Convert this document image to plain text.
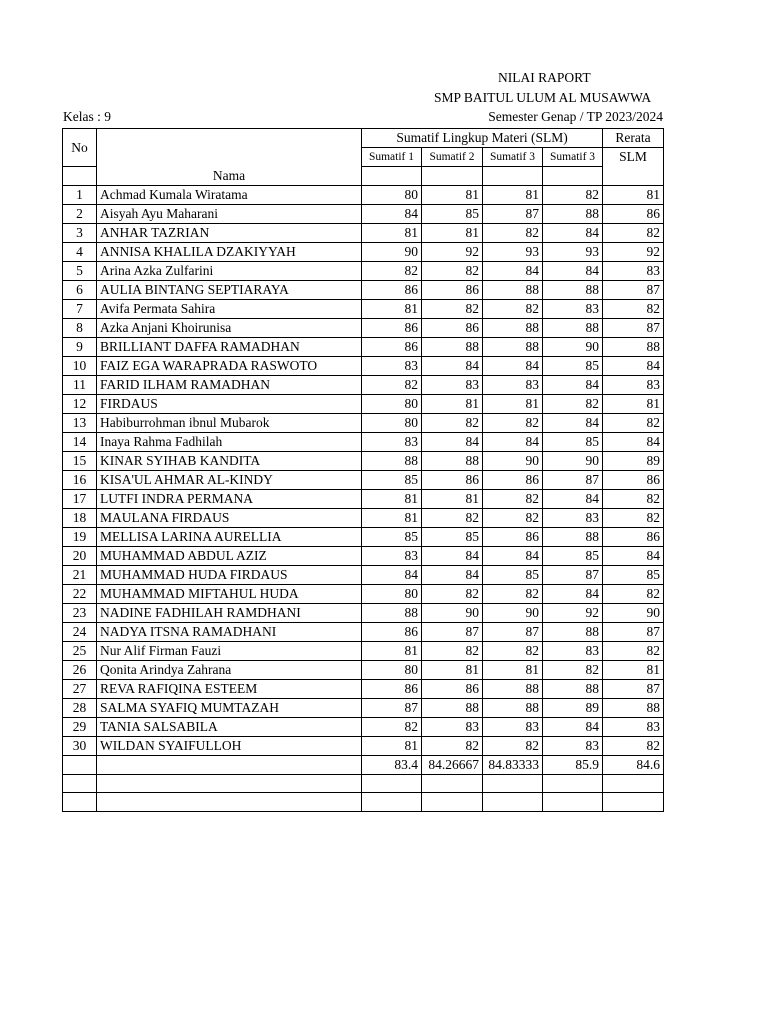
NILAI RAPORT
SMP BAITUL ULUM AL MUSAWWA
Kelas : 9	Semester Genap / TP 2023/2024
No		Sumatif Lingkup Materi (SLM)				Rerata
		Sumatif 1	Sumatif 2	Sumatif 3	Sumatif 3	SLM
	Nama					
1	Achmad Kumala Wiratama	80	81	81	82	81
2	Aisyah Ayu Maharani	84	85	87	88	86
3	ANHAR TAZRIAN	81	81	82	84	82
4	ANNISA KHALILA DZAKIYYAH	90	92	93	93	92
5	Arina Azka Zulfarini	82	82	84	84	83
6	AULIA BINTANG SEPTIARAYA	86	86	88	88	87
7	Avifa Permata Sahira	81	82	82	83	82
8	Azka Anjani Khoirunisa	86	86	88	88	87
9	BRILLIANT DAFFA RAMADHAN	86	88	88	90	88
10	FAIZ EGA WARAPRADA RASWOTO	83	84	84	85	84
11	FARID ILHAM RAMADHAN	82	83	83	84	83
12	FIRDAUS	80	81	81	82	81
13	Habiburrohman ibnul Mubarok	80	82	82	84	82
14	Inaya Rahma Fadhilah	83	84	84	85	84
15	KINAR SYIHAB KANDITA	88	88	90	90	89
16	KISA'UL AHMAR AL-KINDY	85	86	86	87	86
17	LUTFI INDRA PERMANA	81	81	82	84	82
18	MAULANA FIRDAUS	81	82	82	83	82
19	MELLISA LARINA AURELLIA	85	85	86	88	86
20	MUHAMMAD ABDUL AZIZ	83	84	84	85	84
21	MUHAMMAD HUDA FIRDAUS	84	84	85	87	85
22	MUHAMMAD MIFTAHUL HUDA	80	82	82	84	82
23	NADINE FADHILAH RAMDHANI	88	90	90	92	90
24	NADYA ITSNA RAMADHANI	86	87	87	88	87
25	Nur Alif Firman Fauzi	81	82	82	83	82
26	Qonita Arindya Zahrana	80	81	81	82	81
27	REVA RAFIQINA ESTEEM	86	86	88	88	87
28	SALMA SYAFIQ MUMTAZAH	87	88	88	89	88
29	TANIA SALSABILA	82	83	83	84	83
30	WILDAN SYAIFULLOH	81	82	82	83	82
		83.4	84.26667	84.83333	85.9	84.6
